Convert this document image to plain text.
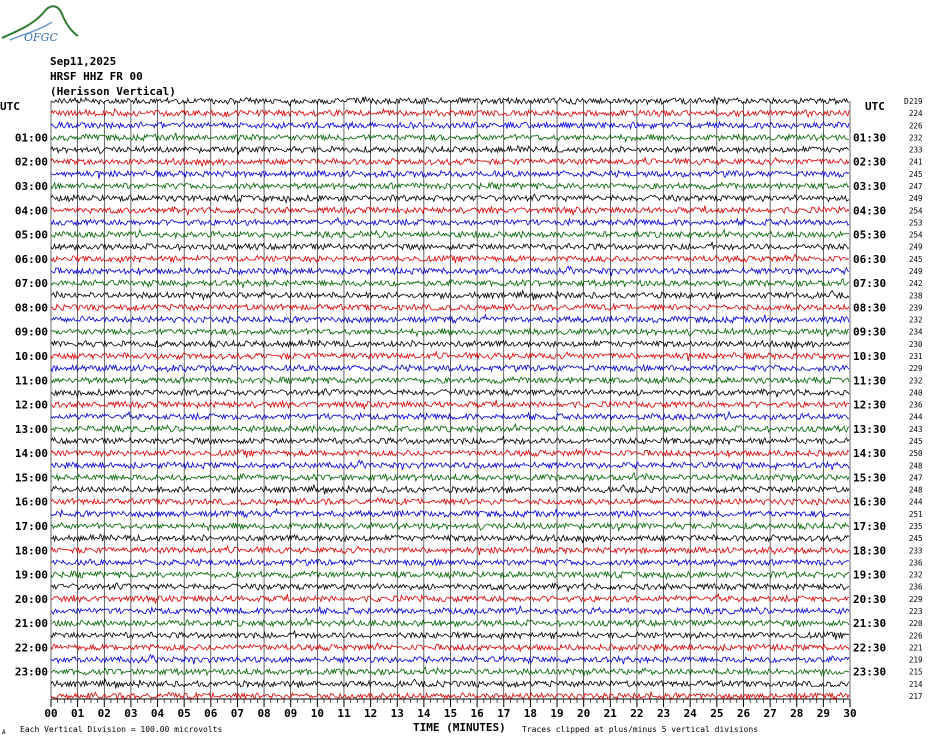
OFGC
Sep11,2025
HRSF HHZ FR 00
(Herisson Vertical)
00 01 02 03 04 05 06 07 08 09 10 11 12 13 14 15 16 17 18 19 20 21 22 23 24 25 26 27 28 29 30
219
224
226
232
233
241
245
247
249
254
253
254
249
245
249
242
238
239
232
234
230
231
229
232
240
236
244
243
245
250
248
247
248
244
251
235
245
233
236
232
236
229
223
220
226
221
219
215
214
217
01:00	01:30
02:00	02:30
03:00	03:30
04:00	04:30
05:00	05:30
06:00	06:30
07:00	07:30
08:00	08:30
09:00	09:30
10:00	10:30
11:00	11:30
12:00	12:30
13:00	13:30
14:00	14:30
15:00	15:30
16:00	16:30
17:00	17:30
18:00	18:30
19:00	19:30
20:00	20:30
21:00	21:30
22:00	22:30
23:00	23:30
UTC	UTC D
TIME (MINUTES)
Each Vertical Division = 100.00 microvolts	Traces clipped at plus/minus 5 vertical divisions
A
